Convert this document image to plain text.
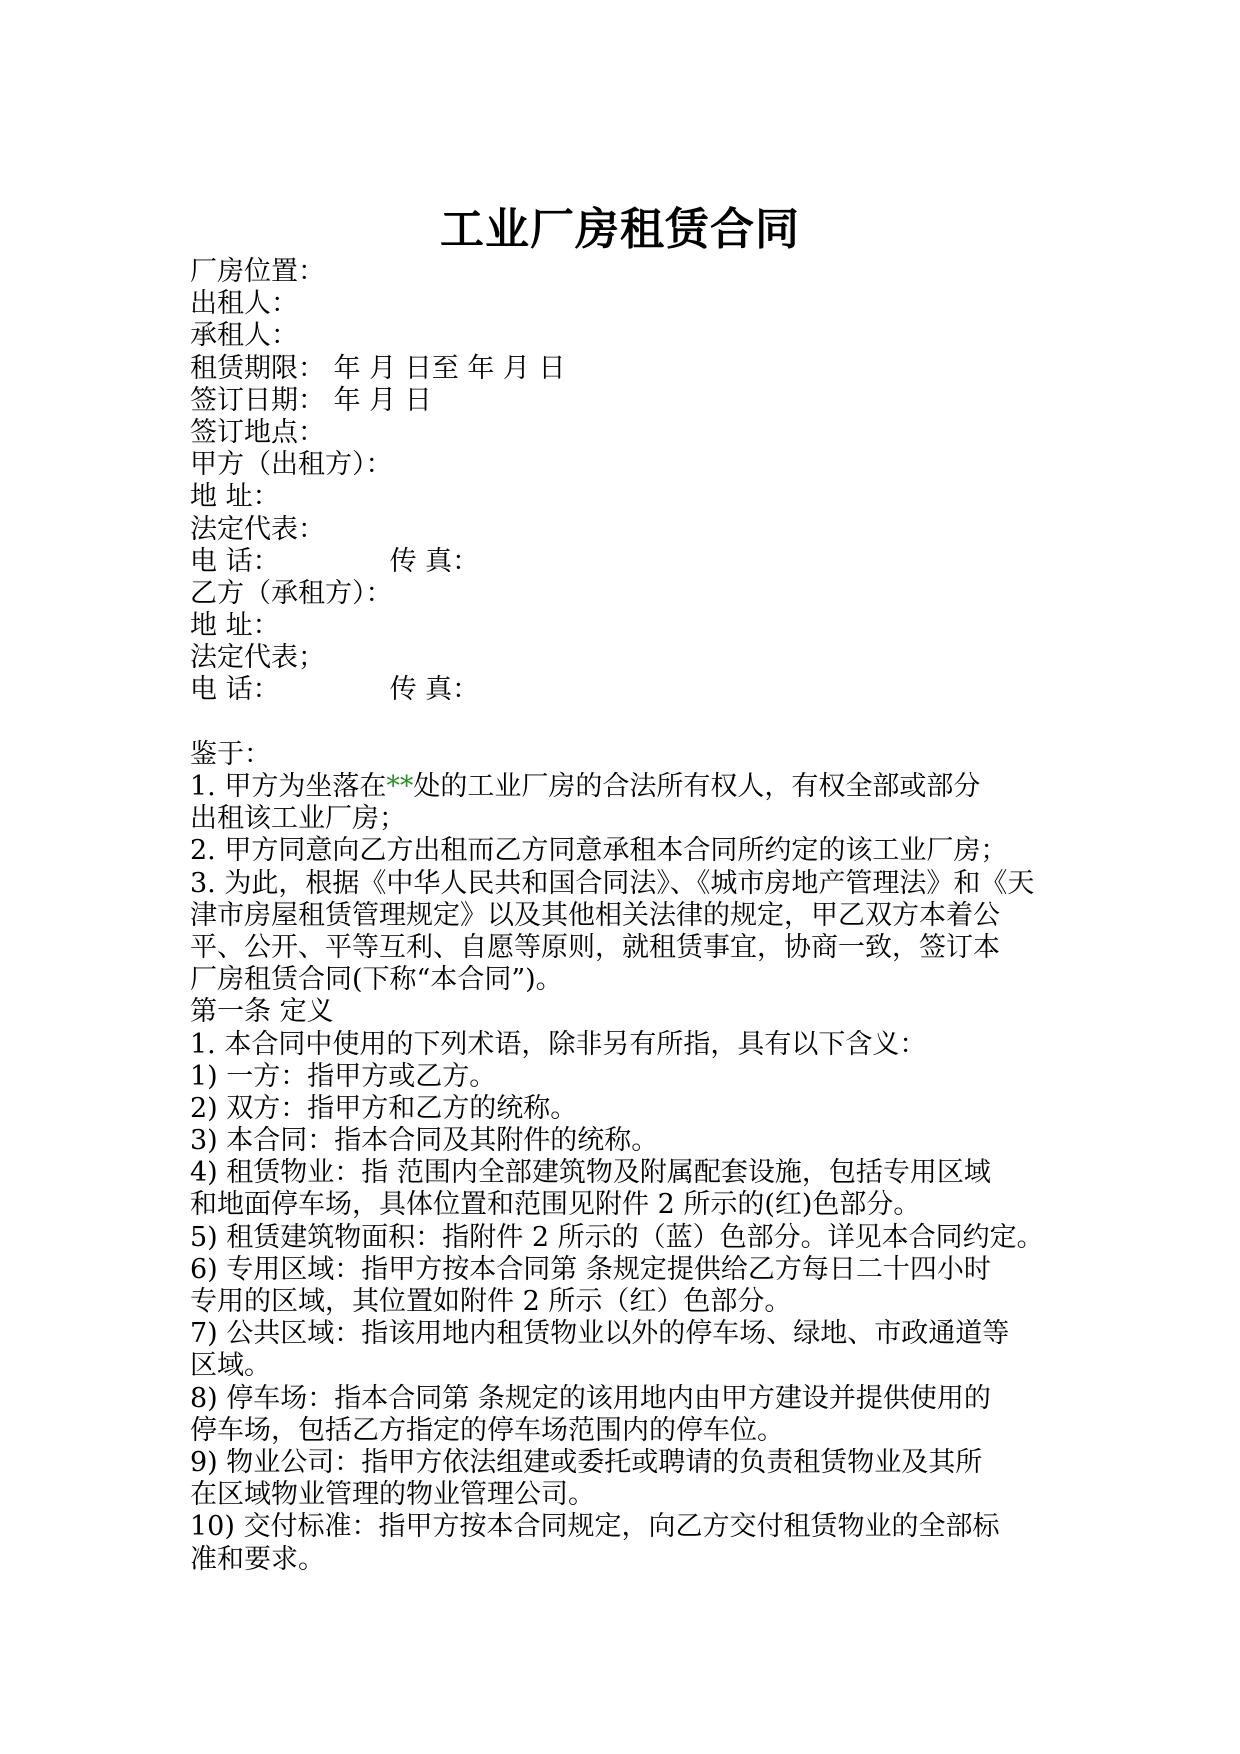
工业厂房租赁合同
厂房位置：
出租人：
承租人：
租赁期限： 年 月 日至 年 月 日
签订日期： 年 月 日
签订地点：
甲方（出租方）：
地 址：
法定代表：
电 话：	传 真：
乙方（承租方）：
地 址：
法定代表；
电 话：	传 真：
鉴于：
1. 甲方为坐落在**处的工业厂房的合法所有权人，有权全部或部分
出租该工业厂房；
2. 甲方同意向乙方出租而乙方同意承租本合同所约定的该工业厂房；
3. 为此，根据《中华人民共和国合同法》、《城市房地产管理法》和《天
津市房屋租赁管理规定》以及其他相关法律的规定，甲乙双方本着公
平、公开、平等互利、自愿等原则，就租赁事宜，协商一致，签订本
厂房租赁合同(下称“本合同”)。
第一条 定义
1. 本合同中使用的下列术语，除非另有所指，具有以下含义：
1) 一方：指甲方或乙方。
2) 双方：指甲方和乙方的统称。
3) 本合同：指本合同及其附件的统称。
4) 租赁物业：指 范围内全部建筑物及附属配套设施，包括专用区域
和地面停车场，具体位置和范围见附件 2 所示的(红)色部分。
5) 租赁建筑物面积：指附件 2 所示的（蓝）色部分。详见本合同约定。
6) 专用区域：指甲方按本合同第 条规定提供给乙方每日二十四小时
专用的区域，其位置如附件 2 所示（红）色部分。
7) 公共区域：指该用地内租赁物业以外的停车场、绿地、市政通道等
区域。
8) 停车场：指本合同第 条规定的该用地内由甲方建设并提供使用的
停车场，包括乙方指定的停车场范围内的停车位。
9) 物业公司：指甲方依法组建或委托或聘请的负责租赁物业及其所
在区域物业管理的物业管理公司。
10) 交付标准：指甲方按本合同规定，向乙方交付租赁物业的全部标
准和要求。
